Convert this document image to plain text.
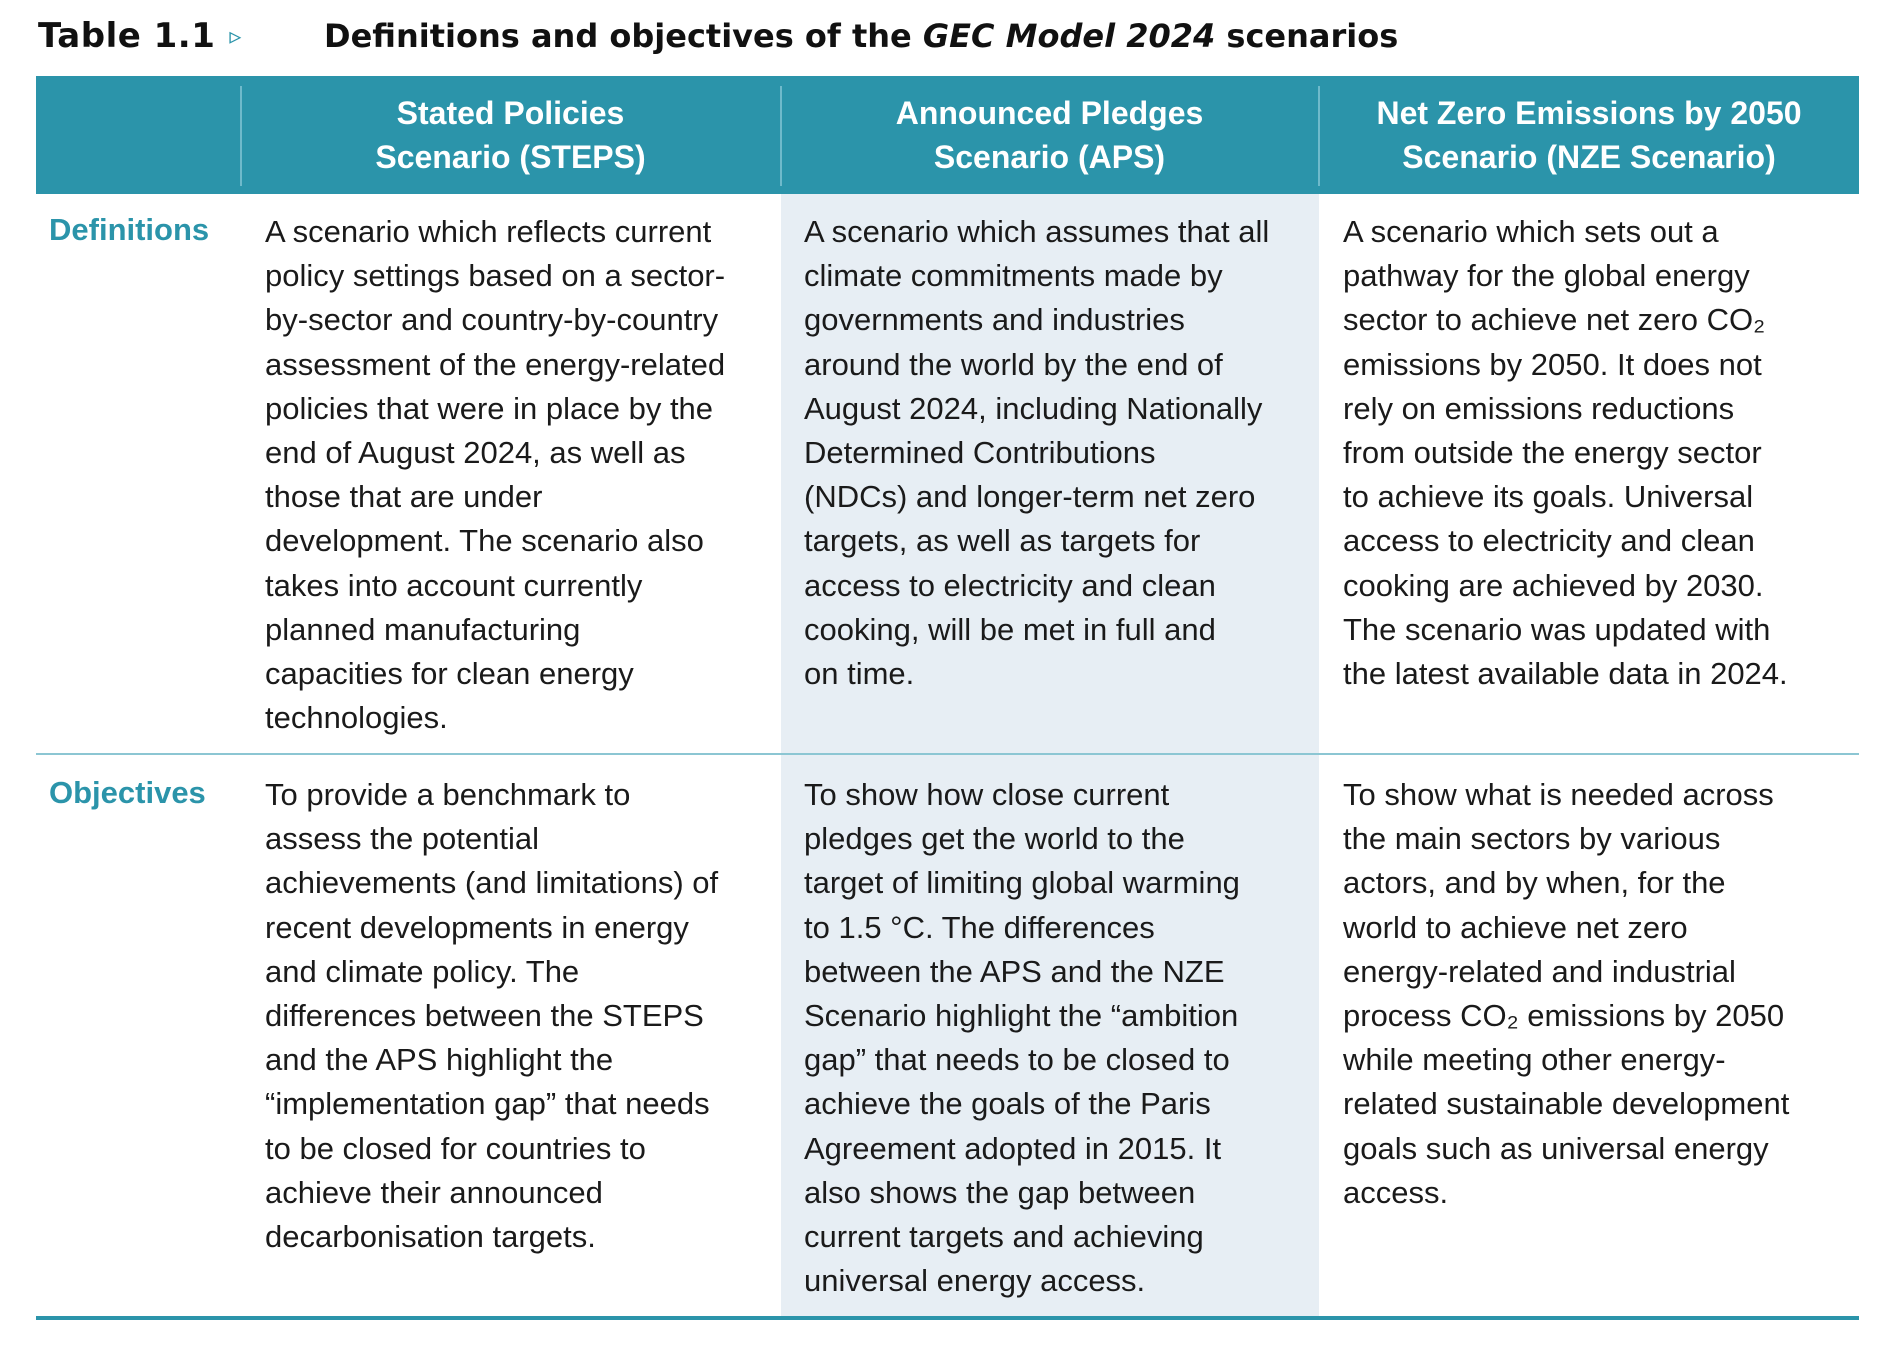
Table 1.1 ▹	Definitions and objectives of the GEC Model 2024 scenarios
Stated Policies
Scenario (STEPS)
Announced Pledges
Scenario (APS)
Net Zero Emissions by 2050
Scenario (NZE Scenario)
Definitions A scenario which reflects current
policy settings based on a sector-
by-sector and country-by-country
assessment of the energy-related
policies that were in place by the
end of August 2024, as well as
those that are under
development. The scenario also
takes into account currently
planned manufacturing
capacities for clean energy
technologies.
A scenario which assumes that all
climate commitments made by
governments and industries
around the world by the end of
August 2024, including Nationally
Determined Contributions
(NDCs) and longer-term net zero
targets, as well as targets for
access to electricity and clean
cooking, will be met in full and
on time.
A scenario which sets out a
pathway for the global energy
sector to achieve net zero CO₂
emissions by 2050. It does not
rely on emissions reductions
from outside the energy sector
to achieve its goals. Universal
access to electricity and clean
cooking are achieved by 2030.
The scenario was updated with
the latest available data in 2024.
Objectives To provide a benchmark to
assess the potential
achievements (and limitations) of
recent developments in energy
and climate policy. The
differences between the STEPS
and the APS highlight the
“implementation gap” that needs
to be closed for countries to
achieve their announced
decarbonisation targets.
To show how close current
pledges get the world to the
target of limiting global warming
to 1.5 °C. The differences
between the APS and the NZE
Scenario highlight the “ambition
gap” that needs to be closed to
achieve the goals of the Paris
Agreement adopted in 2015. It
also shows the gap between
current targets and achieving
universal energy access.
To show what is needed across
the main sectors by various
actors, and by when, for the
world to achieve net zero
energy-related and industrial
process CO₂ emissions by 2050
while meeting other energy-
related sustainable development
goals such as universal energy
access.
